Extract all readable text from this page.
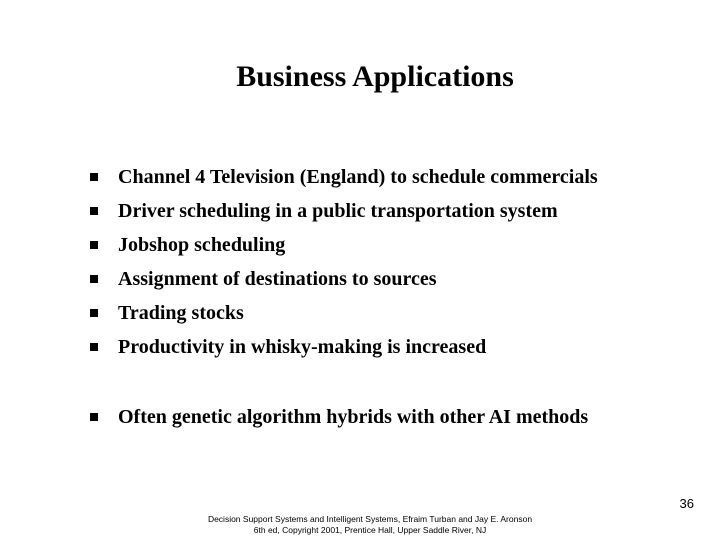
Business Applications
Channel 4 Television (England) to schedule commercials
Driver scheduling in a public transportation system
Jobshop scheduling
Assignment of destinations to sources
Trading stocks
Productivity in whisky-making is increased
Often genetic algorithm hybrids with other AI methods
36
Decision Support Systems and Intelligent Systems, Efraim Turban and Jay E. Aronson
6th ed, Copyright 2001, Prentice Hall, Upper Saddle River, NJ
